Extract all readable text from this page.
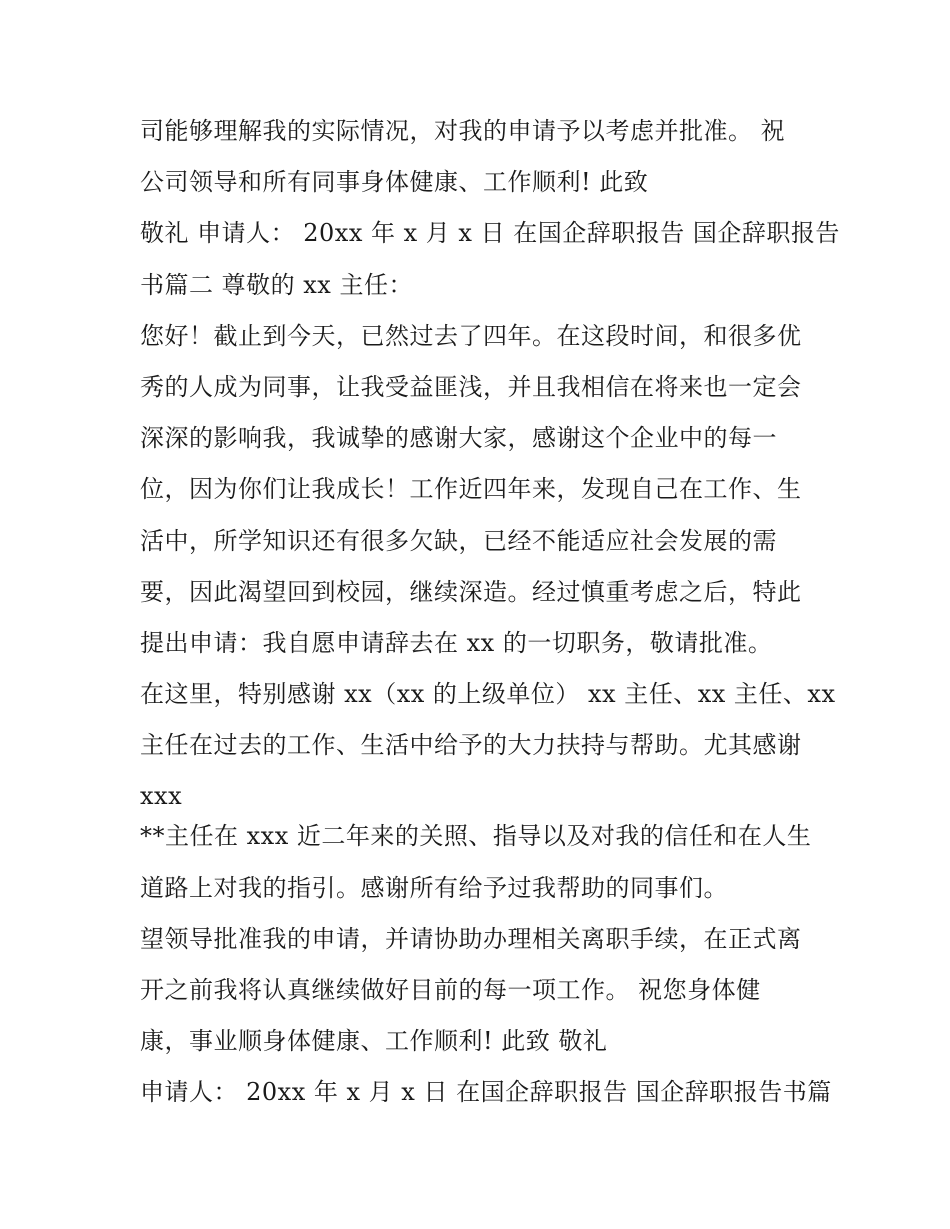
司能够理解我的实际情况，对我的申请予以考虑并批准。 祝
公司领导和所有同事身体健康、工作顺利! 此致
敬礼 申请人： 20xx 年 x 月 x 日 在国企辞职报告 国企辞职报告
书篇二 尊敬的 xx 主任：
您好！截止到今天，已然过去了四年。在这段时间，和很多优
秀的人成为同事，让我受益匪浅，并且我相信在将来也一定会
深深的影响我，我诚挚的感谢大家，感谢这个企业中的每一
位，因为你们让我成长！工作近四年来，发现自己在工作、生
活中，所学知识还有很多欠缺，已经不能适应社会发展的需
要，因此渴望回到校园，继续深造。经过慎重考虑之后，特此
提出申请：我自愿申请辞去在 xx 的一切职务，敬请批准。
在这里，特别感谢 xx（xx 的上级单位） xx 主任、xx 主任、xx
主任在过去的工作、生活中给予的大力扶持与帮助。尤其感谢
xxx
**主任在 xxx 近二年来的关照、指导以及对我的信任和在人生
道路上对我的指引。感谢所有给予过我帮助的同事们。
望领导批准我的申请，并请协助办理相关离职手续，在正式离
开之前我将认真继续做好目前的每一项工作。 祝您身体健
康，事业顺身体健康、工作顺利! 此致 敬礼
申请人： 20xx 年 x 月 x 日 在国企辞职报告 国企辞职报告书篇
